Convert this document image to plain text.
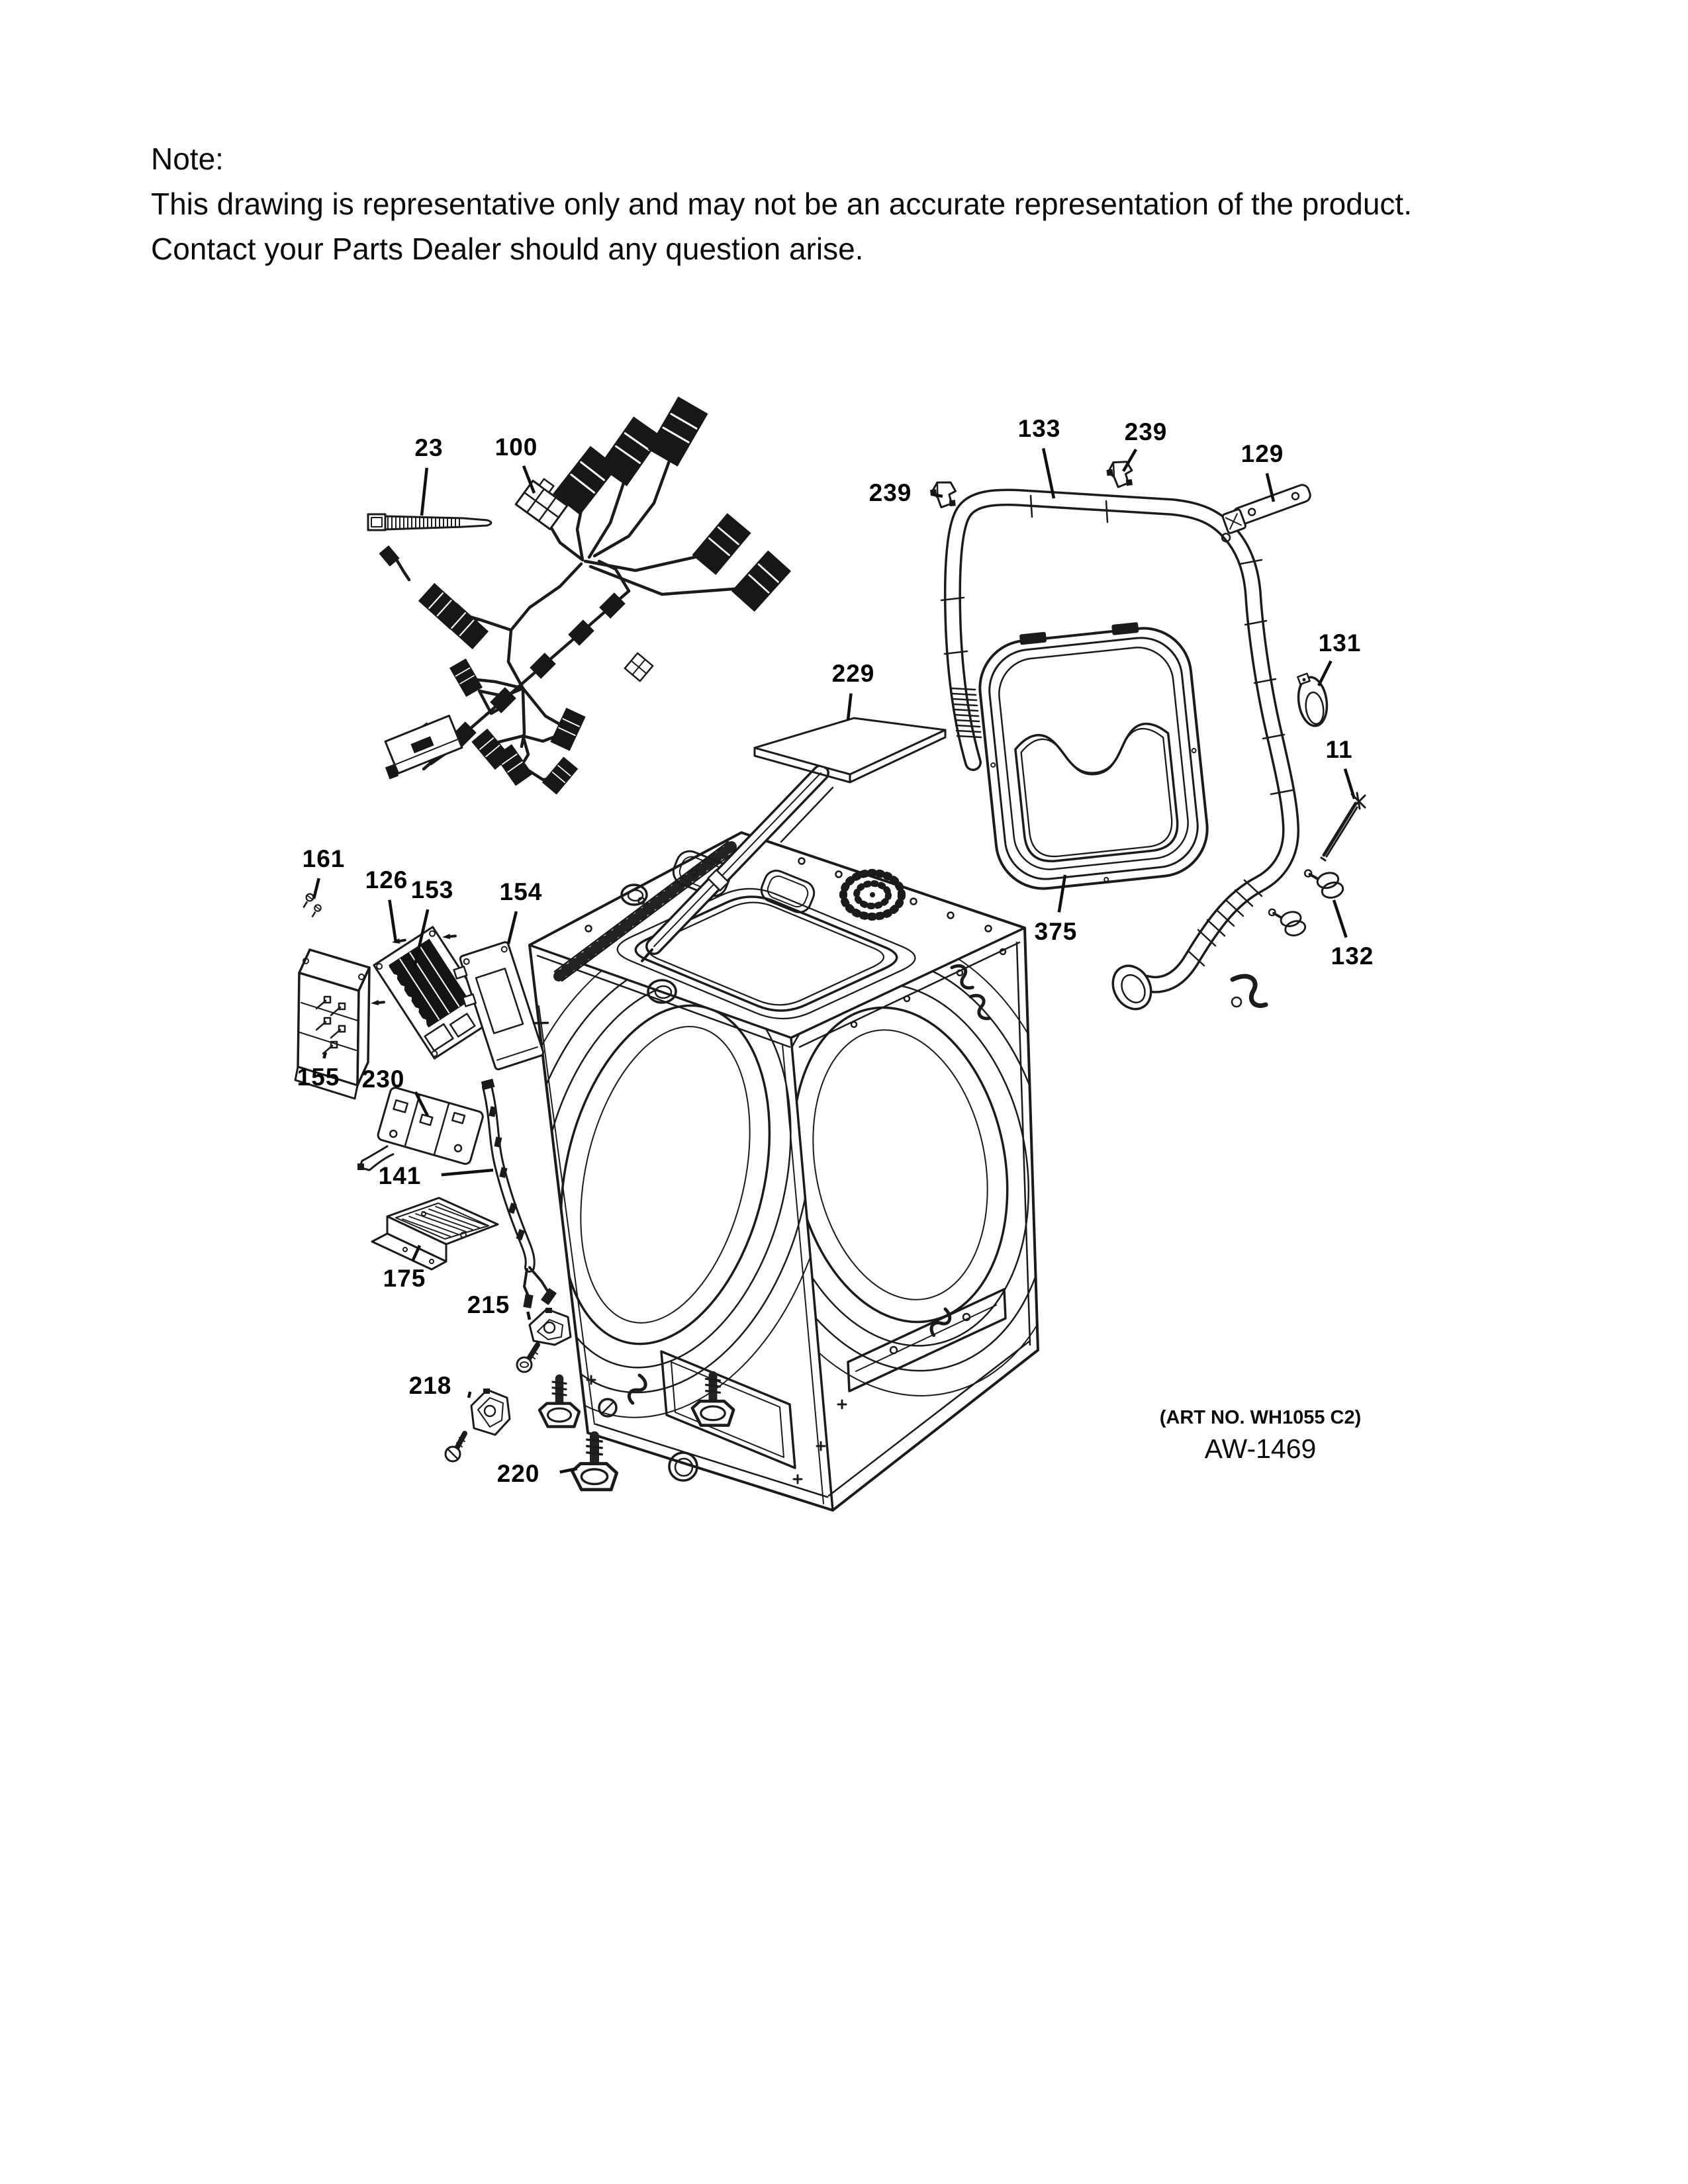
Note:
This drawing is representative only and may not be an accurate representation of the product.
Contact your Parts Dealer should any question arise.
23 100
133	239
239
129
131
11
229
375
132
161
126 153 154
155 230
141
175
215
218
220
(ART NO. WH1055 C2)
AW-1469
